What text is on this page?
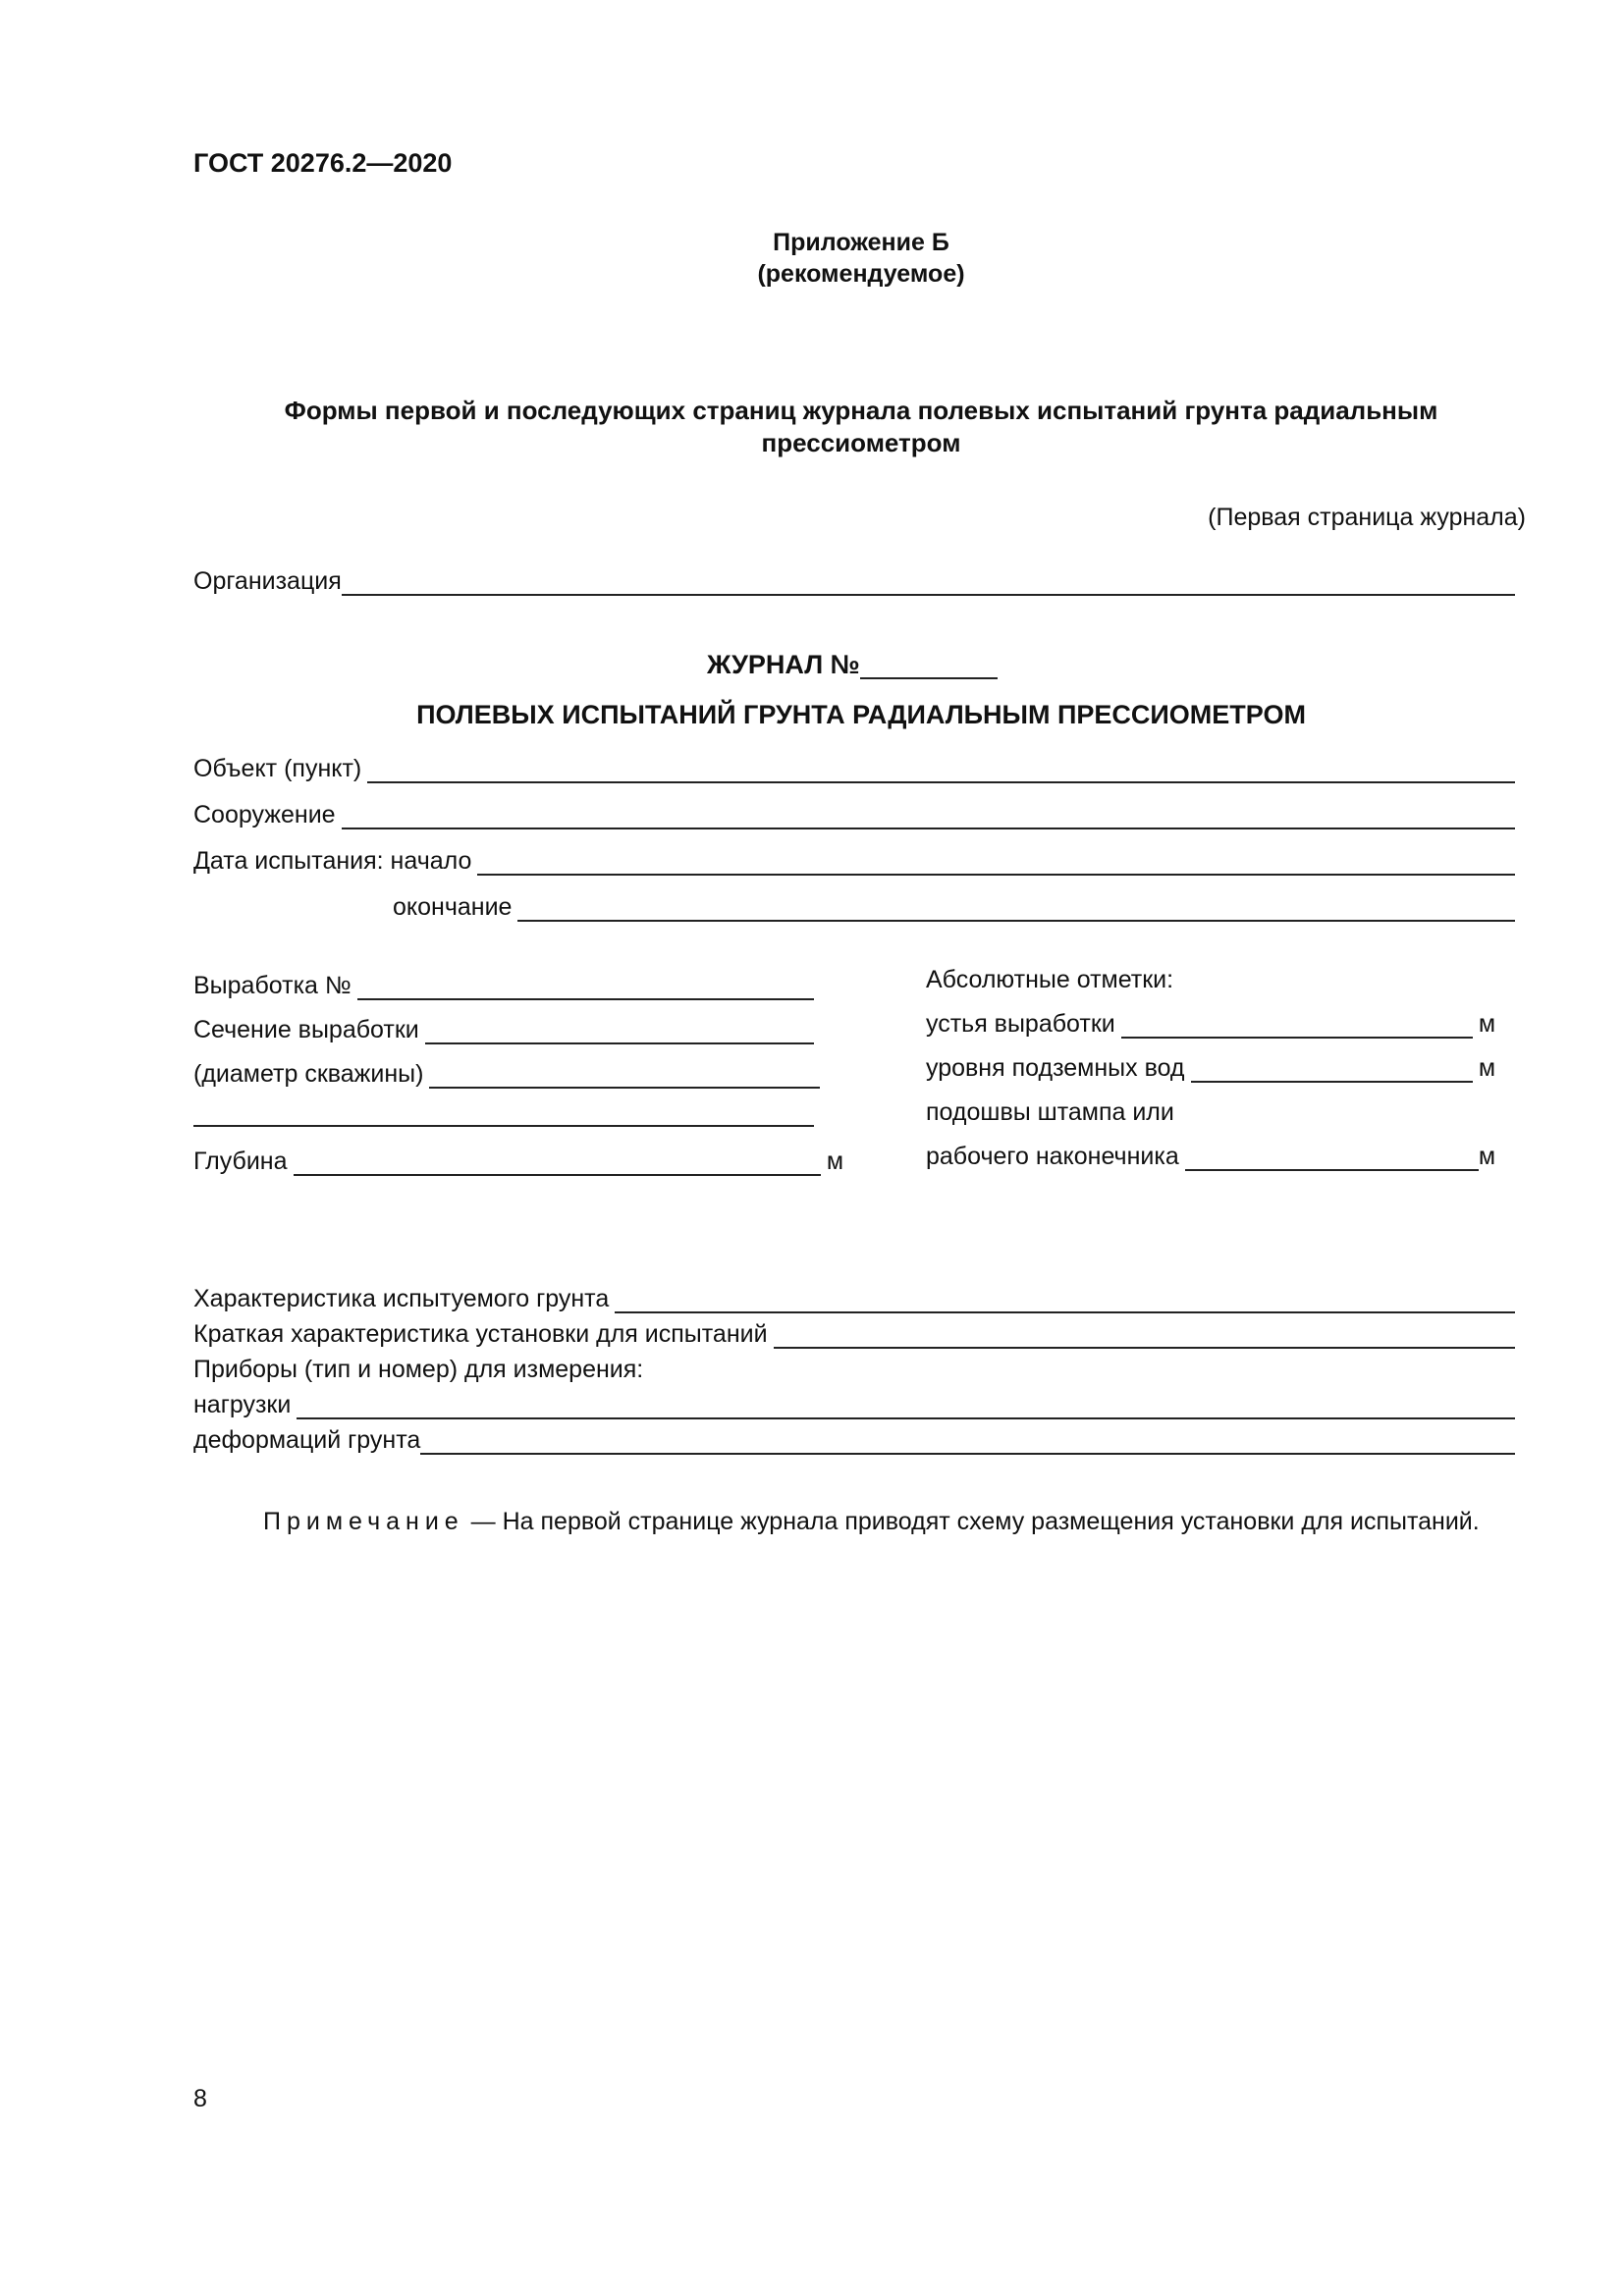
ГОСТ 20276.2—2020
Приложение Б
(рекомендуемое)
Формы первой и последующих страниц журнала полевых испытаний грунта радиальным
прессиометром
(Первая страница журнала)
Организация
ЖУРНАЛ №
ПОЛЕВЫХ ИСПЫТАНИЙ ГРУНТА РАДИАЛЬНЫМ ПРЕССИОМЕТРОМ
Объект (пункт)
Сооружение
Дата испытания: начало
окончание
Выработка №
Сечение выработки
(диаметр скважины)
Глубина	м
Абсолютные отметки:
устья выработки	м
уровня подземных вод	м
подошвы штампа или
рабочего наконечника	м
Характеристика испытуемого грунта
Краткая характеристика установки для испытаний
Приборы (тип и номер) для измерения:
нагрузки
деформаций грунта
Примечание — На первой странице журнала приводят схему размещения установки для испытаний.
8
